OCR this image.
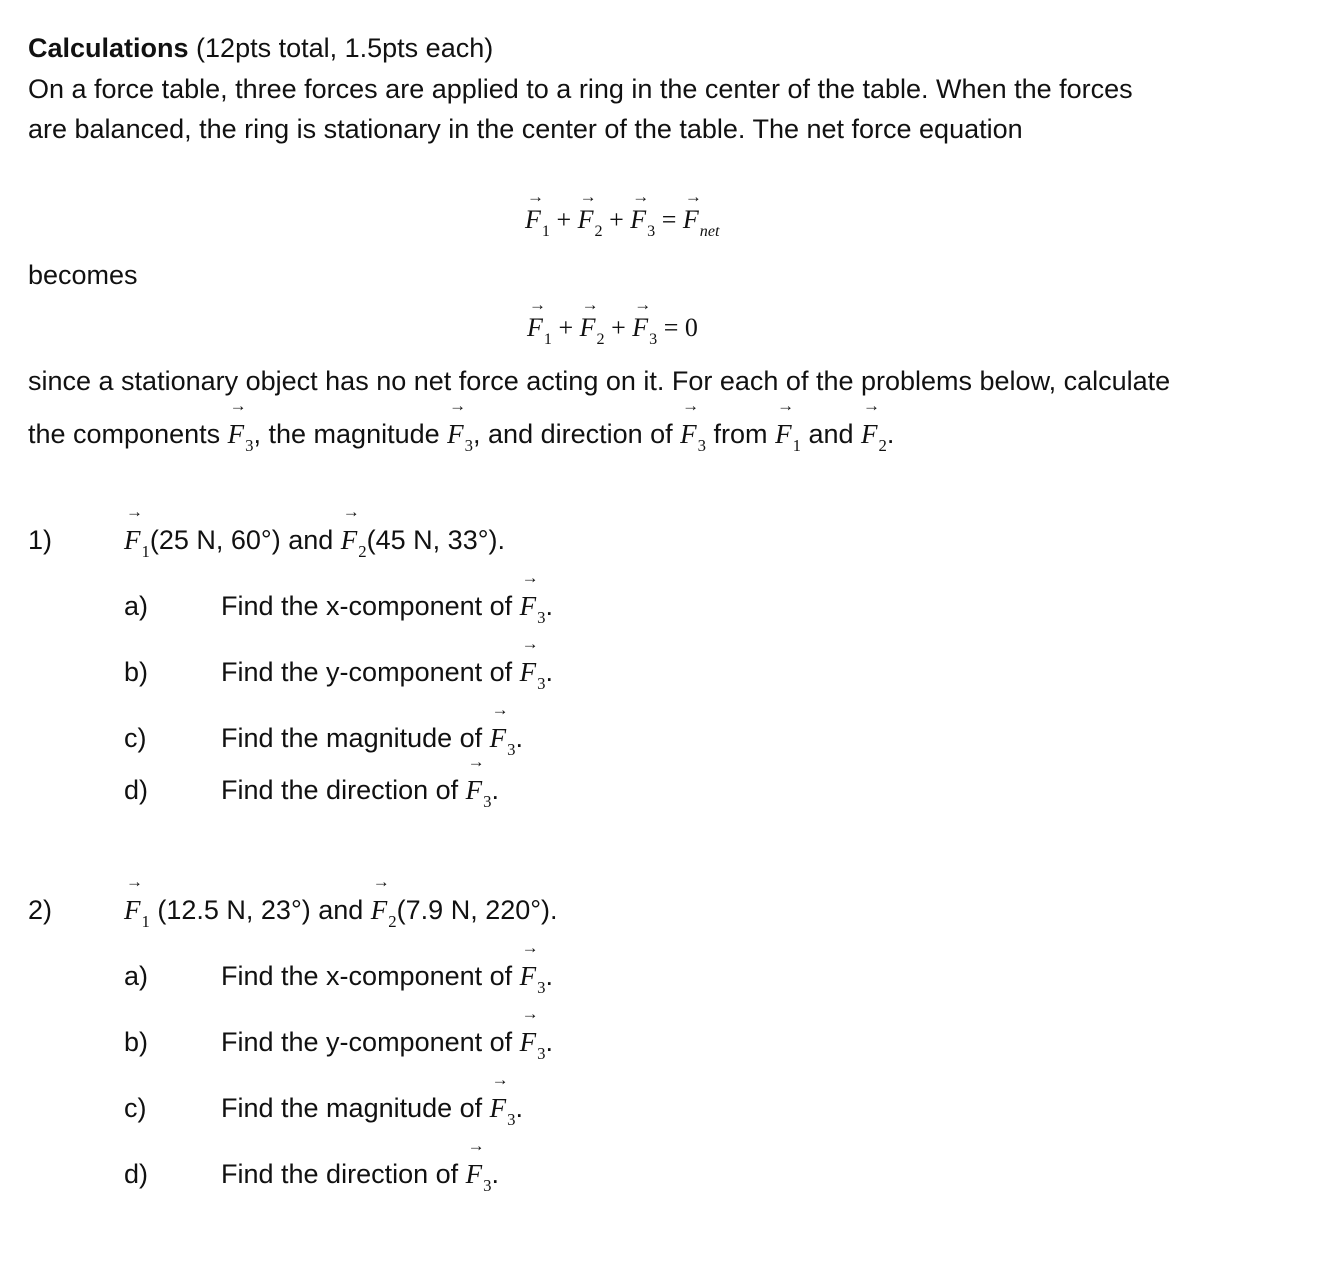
Calculations (12pts total, 1.5pts each)
On a force table, three forces are applied to a ring in the center of the table. When the forces
are balanced, the ring is stationary in the center of the table. The net force equation
→
$F_1$ +
→
$F_2$ +
→
$F_3$ =
→
$F_{net}$
becomes
→
$F_1$ +
→
$F_2$ +
→
$F_3 = 0$
since a stationary object has no net force acting on it. For each of the problems below, calculate
the components
→
$F_3$, the magnitude
→
$F_3$, and direction of
→
$F_3$ from
→
$F_1$ and
→
$F_2$.
1)
→
$F_1(25$ N, 60°) and
→
$F_2(45$ N, 33°).
a)	Find the x-component of
→
$F_3$.
b)	Find the y-component of
→
$F_3$.
c)	Find the magnitude of
→
$F_3$.
d)	Find the direction of
→
$F_3$.
2)
→
$F_1$ (12.5 N, 23°) and
→
$F_2(7.9$ N, 220°).
a)	Find the x-component of
→
$F_3$.
b)	Find the y-component of
→
$F_3$.
c)	Find the magnitude of
→
$F_3$.
d)	Find the direction of
→
$F_3$.
